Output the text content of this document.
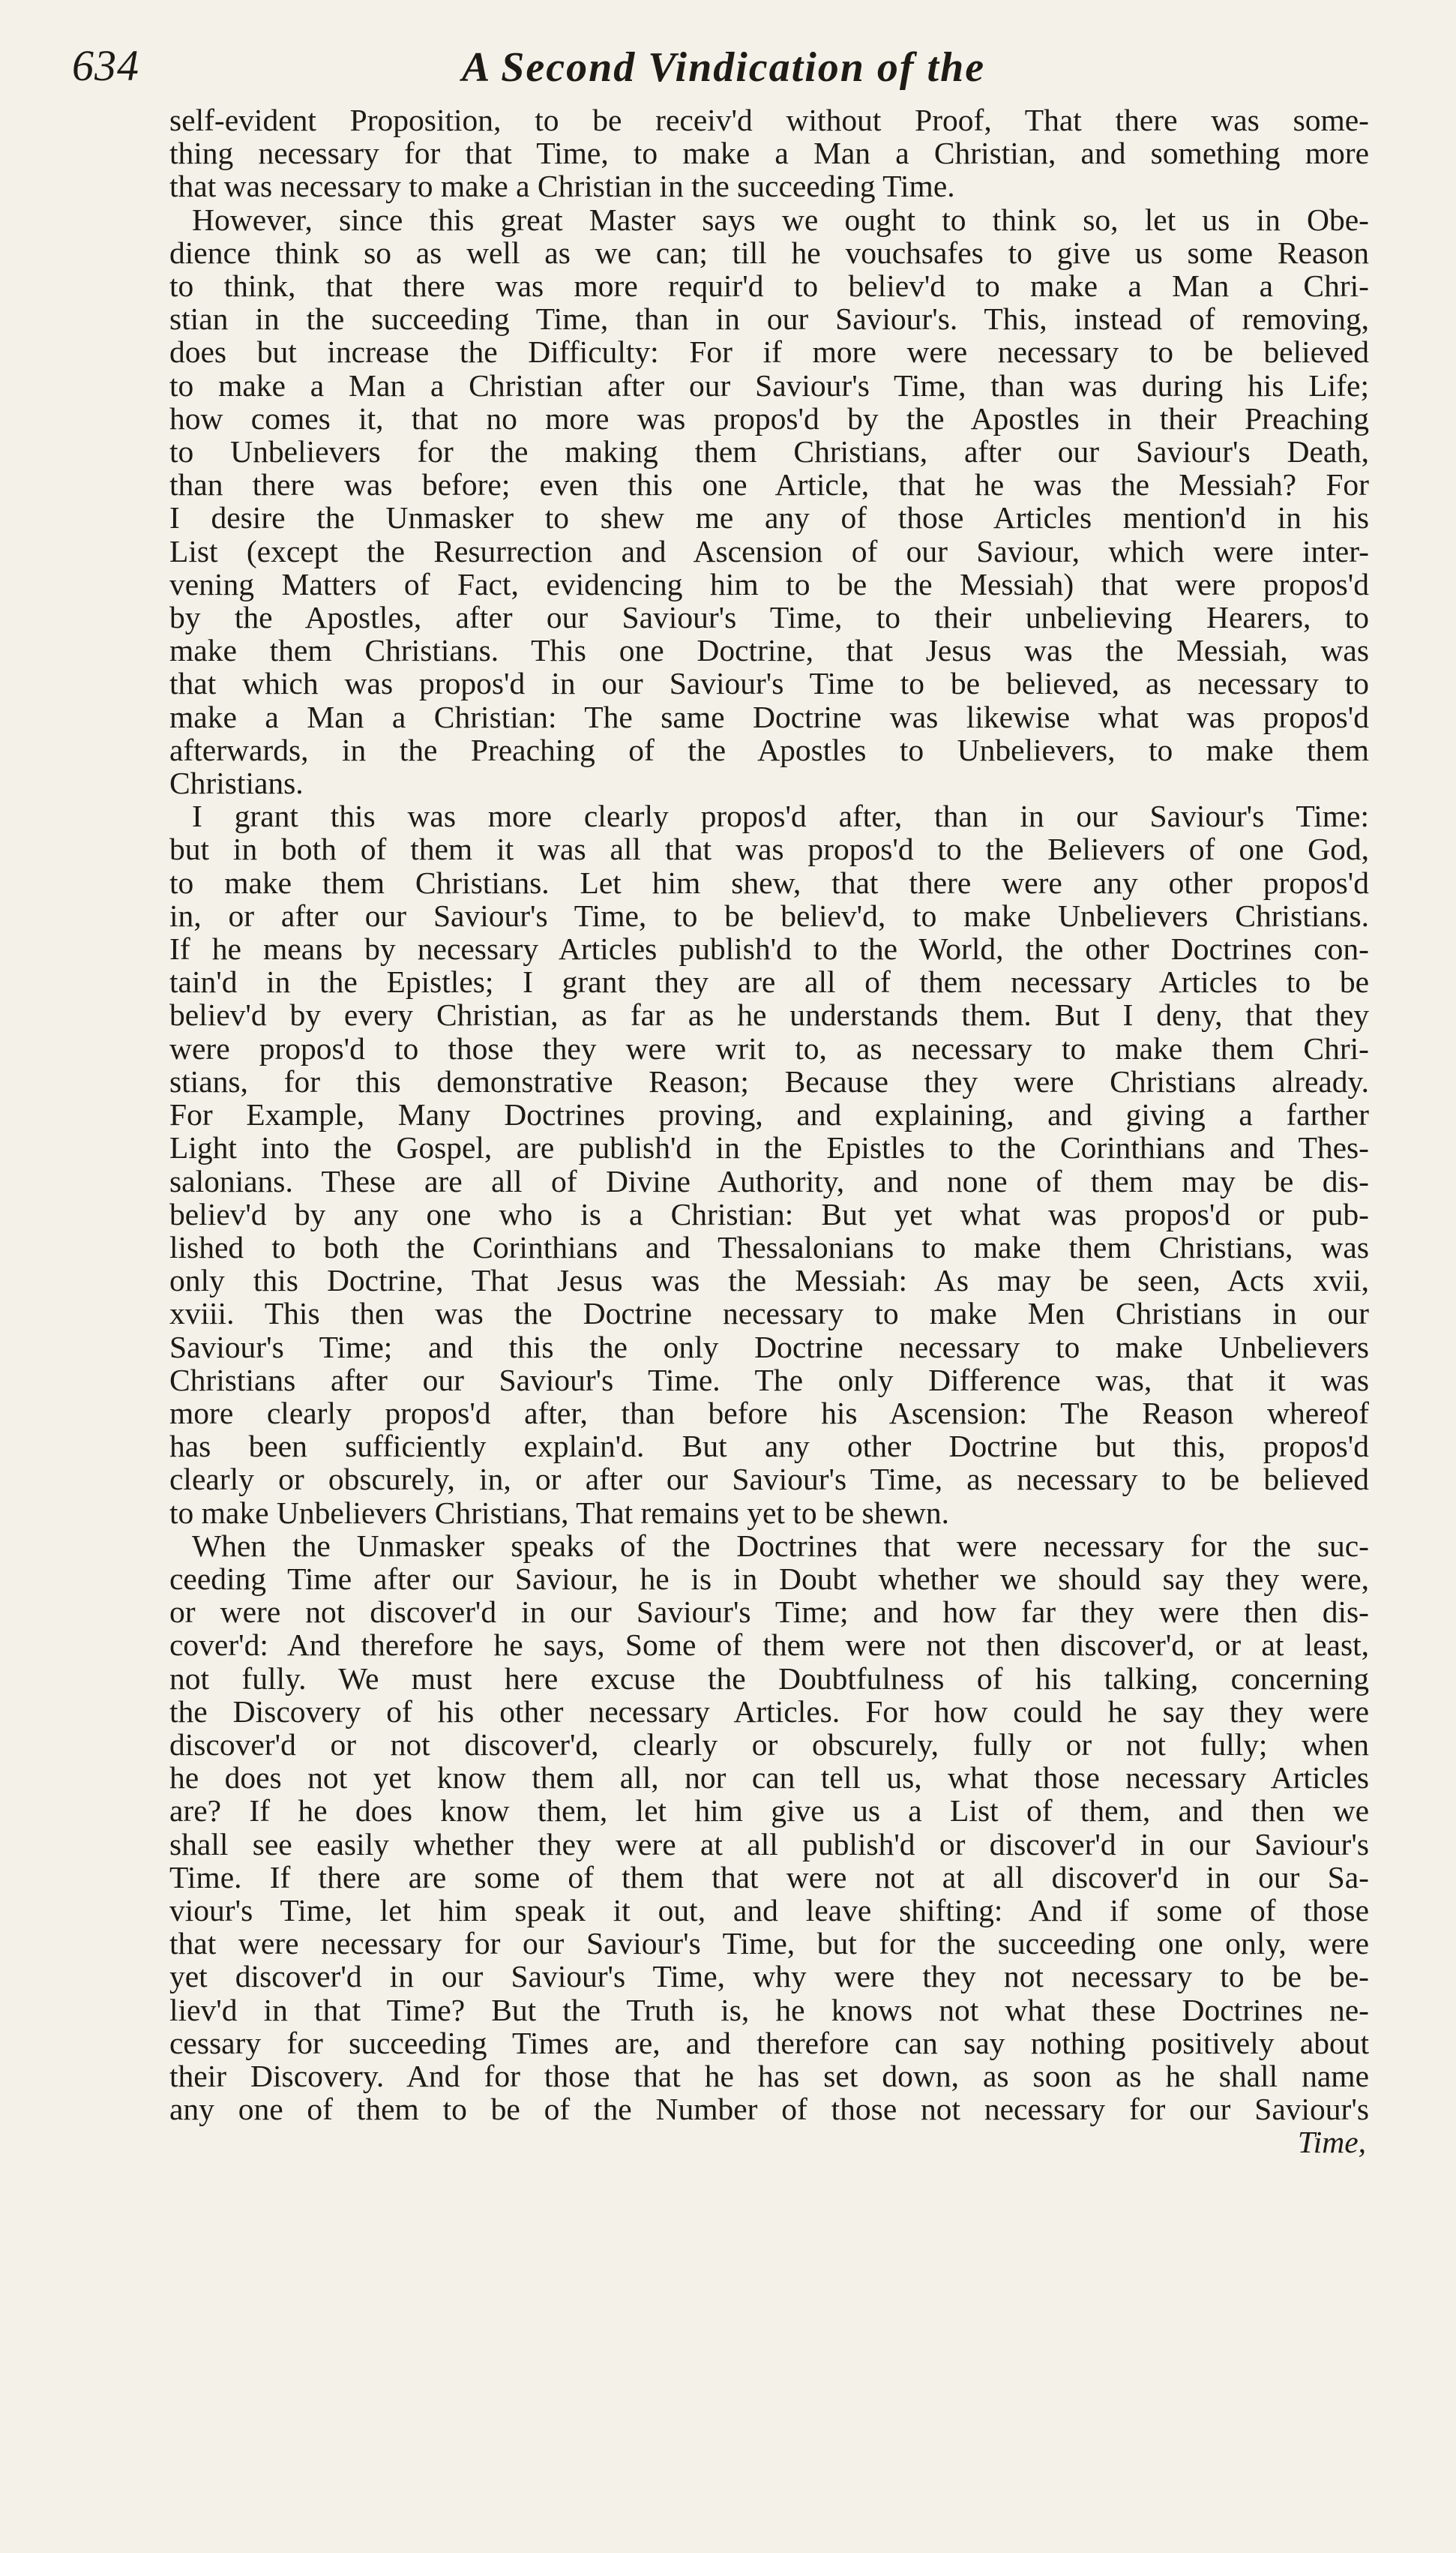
634	A Second Vindication of the
self-evident Proposition, to be receiv'd without Proof, That there was some-
thing necessary for that Time, to make a Man a Christian, and something more
that was necessary to make a Christian in the succeeding Time.
However, since this great Master says we ought to think so, let us in Obe-
dience think so as well as we can; till he vouchsafes to give us some Reason
to think, that there was more requir'd to believ'd to make a Man a Chri-
stian in the succeeding Time, than in our Saviour's. This, instead of removing,
does but increase the Difficulty: For if more were necessary to be believed
to make a Man a Christian after our Saviour's Time, than was during his Life;
how comes it, that no more was propos'd by the Apostles in their Preaching
to Unbelievers for the making them Christians, after our Saviour's Death,
than there was before; even this one Article, that he was the Messiah? For
I desire the Unmasker to shew me any of those Articles mention'd in his
List (except the Resurrection and Ascension of our Saviour, which were inter-
vening Matters of Fact, evidencing him to be the Messiah) that were propos'd
by the Apostles, after our Saviour's Time, to their unbelieving Hearers, to
make them Christians. This one Doctrine, that Jesus was the Messiah, was
that which was propos'd in our Saviour's Time to be believed, as necessary to
make a Man a Christian: The same Doctrine was likewise what was propos'd
afterwards, in the Preaching of the Apostles to Unbelievers, to make them
Christians.
I grant this was more clearly propos'd after, than in our Saviour's Time:
but in both of them it was all that was propos'd to the Believers of one God,
to make them Christians. Let him shew, that there were any other propos'd
in, or after our Saviour's Time, to be believ'd, to make Unbelievers Christians.
If he means by necessary Articles publish'd to the World, the other Doctrines con-
tain'd in the Epistles; I grant they are all of them necessary Articles to be
believ'd by every Christian, as far as he understands them. But I deny, that they
were propos'd to those they were writ to, as necessary to make them Chri-
stians, for this demonstrative Reason; Because they were Christians already.
For Example, Many Doctrines proving, and explaining, and giving a farther
Light into the Gospel, are publish'd in the Epistles to the Corinthians and Thes-
salonians. These are all of Divine Authority, and none of them may be dis-
believ'd by any one who is a Christian: But yet what was propos'd or pub-
lished to both the Corinthians and Thessalonians to make them Christians, was
only this Doctrine, That Jesus was the Messiah: As may be seen, Acts xvii,
xviii. This then was the Doctrine necessary to make Men Christians in our
Saviour's Time; and this the only Doctrine necessary to make Unbelievers
Christians after our Saviour's Time. The only Difference was, that it was
more clearly propos'd after, than before his Ascension: The Reason whereof
has been sufficiently explain'd. But any other Doctrine but this, propos'd
clearly or obscurely, in, or after our Saviour's Time, as necessary to be believed
to make Unbelievers Christians, That remains yet to be shewn.
When the Unmasker speaks of the Doctrines that were necessary for the suc-
ceeding Time after our Saviour, he is in Doubt whether we should say they were,
or were not discover'd in our Saviour's Time; and how far they were then dis-
cover'd: And therefore he says, Some of them were not then discover'd, or at least,
not fully. We must here excuse the Doubtfulness of his talking, concerning
the Discovery of his other necessary Articles. For how could he say they were
discover'd or not discover'd, clearly or obscurely, fully or not fully; when
he does not yet know them all, nor can tell us, what those necessary Articles
are? If he does know them, let him give us a List of them, and then we
shall see easily whether they were at all publish'd or discover'd in our Saviour's
Time. If there are some of them that were not at all discover'd in our Sa-
viour's Time, let him speak it out, and leave shifting: And if some of those
that were necessary for our Saviour's Time, but for the succeeding one only, were
yet discover'd in our Saviour's Time, why were they not necessary to be be-
liev'd in that Time? But the Truth is, he knows not what these Doctrines ne-
cessary for succeeding Times are, and therefore can say nothing positively about
their Discovery. And for those that he has set down, as soon as he shall name
any one of them to be of the Number of those not necessary for our Saviour's
Time,
